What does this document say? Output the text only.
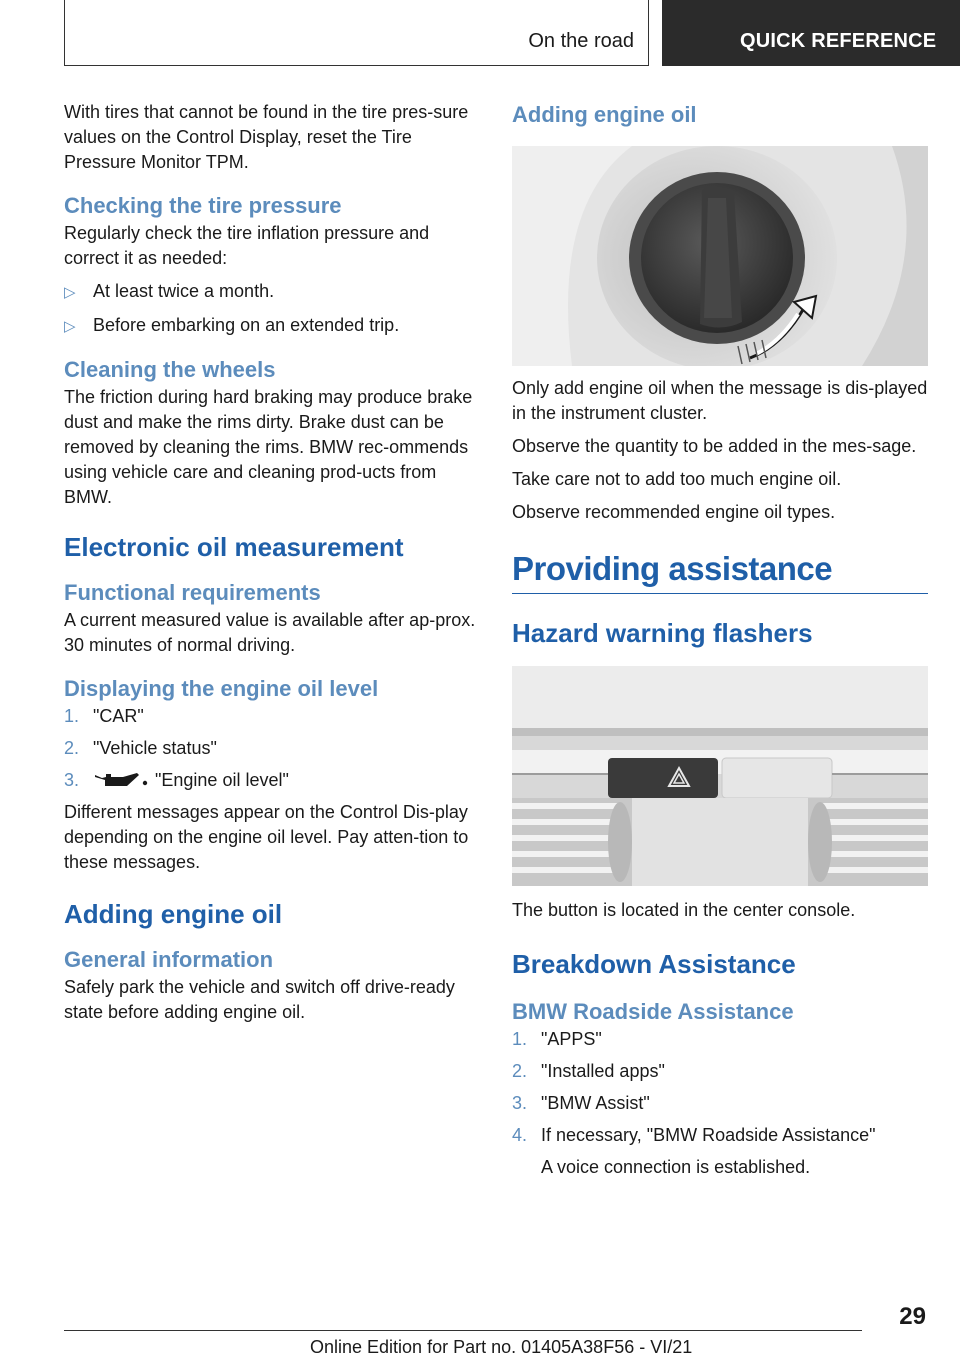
On the road	QUICK REFERENCE

With tires that cannot be found in the tire pres-sure values on the Control Display, reset the Tire Pressure Monitor TPM.

Checking the tire pressure

Regularly check the tire inflation pressure and correct it as needed:

▷ At least twice a month.
▷ Before embarking on an extended trip.
Cleaning the wheels

The friction during hard braking may produce brake dust and make the rims dirty. Brake dust can be removed by cleaning the rims. BMW rec-ommends using vehicle care and cleaning prod-ucts from BMW.

Electronic oil measurement
Functional requirements

A current measured value is available after ap-prox. 30 minutes of normal driving.

Displaying the engine oil level
1. "CAR"
2. "Vehicle status"
3.	"Engine oil level"

Different messages appear on the Control Dis-play depending on the engine oil level. Pay atten-tion to these messages.

Adding engine oil
General information

Safely park the vehicle and switch off drive-ready state before adding engine oil.

Adding engine oil

Only add engine oil when the message is dis-played in the instrument cluster.

Observe the quantity to be added in the mes-sage.

Take care not to add too much engine oil.

Observe recommended engine oil types.

Providing assistance
Hazard warning flashers

The button is located in the center console.

Breakdown Assistance
BMW Roadside Assistance
1. "APPS"
2. "Installed apps"
3. "BMW Assist"
4. If necessary, "BMW Roadside Assistance"

A voice connection is established.

29
Online Edition for Part no. 01405A38F56 - VI/21
